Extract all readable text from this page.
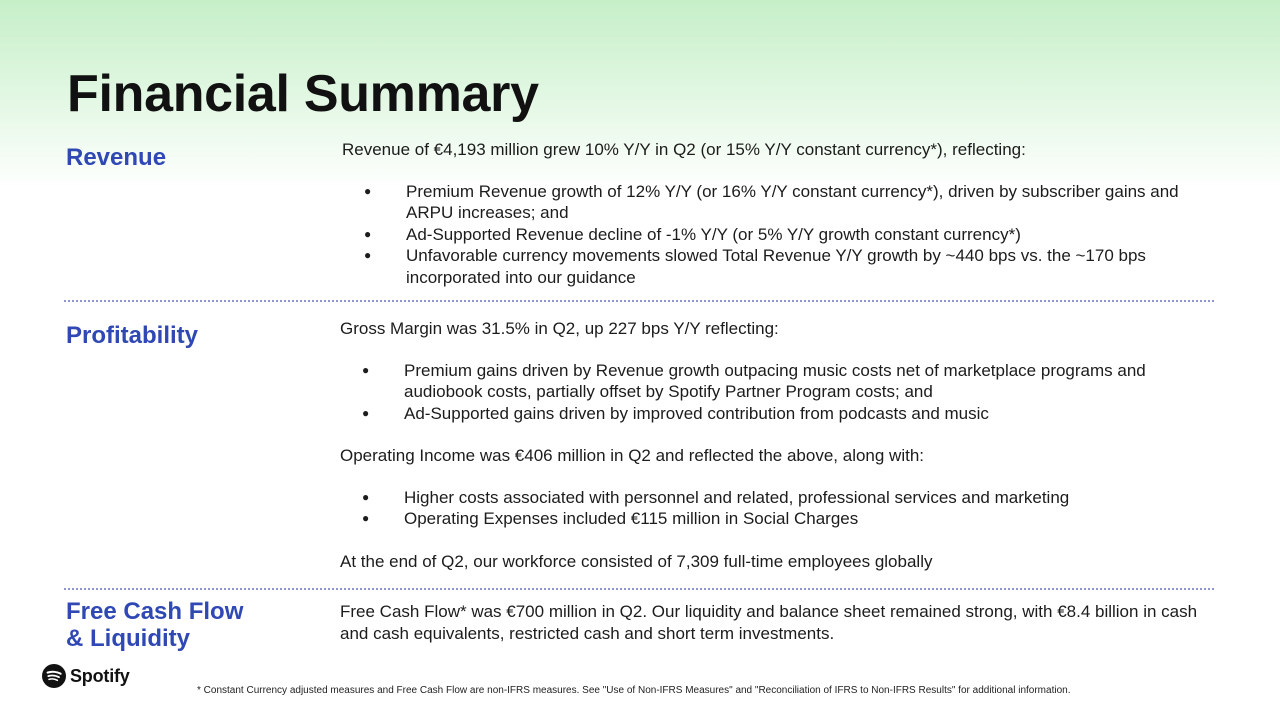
Financial Summary
Revenue	Revenue of €4,193 million grew 10% Y/Y in Q2 (or 15% Y/Y constant currency*), reflecting:

● Premium Revenue growth of 12% Y/Y (or 16% Y/Y constant currency*), driven by subscriber gains and ARPU increases; and
● Ad-Supported Revenue decline of -1% Y/Y (or 5% Y/Y growth constant currency*)
● Unfavorable currency movements slowed Total Revenue Y/Y growth by ~440 bps vs. the ~170 bps incorporated into our guidance
Profitability	Gross Margin was 31.5% in Q2, up 227 bps Y/Y reflecting:

● Premium gains driven by Revenue growth outpacing music costs net of marketplace programs and audiobook costs, partially offset by Spotify Partner Program costs; and
● Ad-Supported gains driven by improved contribution from podcasts and music

Operating Income was €406 million in Q2 and reflected the above, along with:

● Higher costs associated with personnel and related, professional services and marketing
● Operating Expenses included €115 million in Social Charges

At the end of Q2, our workforce consisted of 7,309 full-time employees globally

Free Cash Flow
& Liquidity

Free Cash Flow* was €700 million in Q2. Our liquidity and balance sheet remained strong, with €8.4 billion in cash and cash equivalents, restricted cash and short term investments.

Spotify
* Constant Currency adjusted measures and Free Cash Flow are non-IFRS measures. See "Use of Non-IFRS Measures" and "Reconciliation of IFRS to Non-IFRS Results" for additional information.
